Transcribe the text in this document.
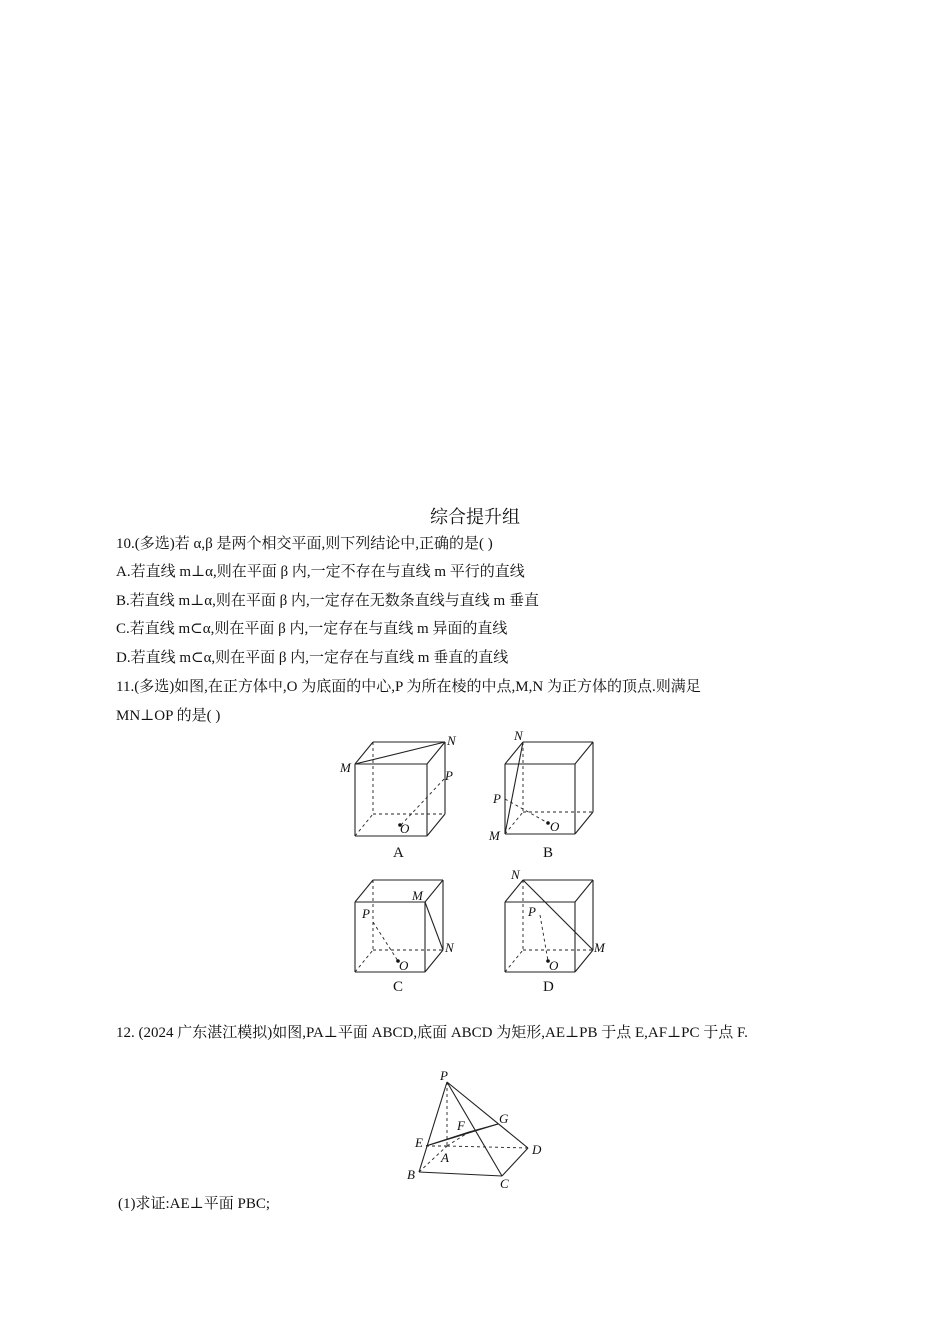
综合提升组
10.(多选)若 α,β 是两个相交平面,则下列结论中,正确的是( )
A.若直线 m⊥α,则在平面 β 内,一定不存在与直线 m 平行的直线
B.若直线 m⊥α,则在平面 β 内,一定存在无数条直线与直线 m 垂直
C.若直线 m⊂α,则在平面 β 内,一定存在与直线 m 异面的直线
D.若直线 m⊂α,则在平面 β 内,一定存在与直线 m 垂直的直线
11.(多选)如图,在正方体中,O 为底面的中心,P 为所在棱的中点,M,N 为正方体的顶点.则满足
MN⊥OP 的是( )
M
N
P
O
A
N
P
M
O
B
M
N
P
O
C
N
M
P
O
D
12. (2024 广东湛江模拟)如图,PA⊥平面 ABCD,底面 ABCD 为矩形,AE⊥PB 于点 E,AF⊥PC 于点 F.
P
E
F	G
A
B
C
D
(1)求证:AE⊥平面 PBC;
